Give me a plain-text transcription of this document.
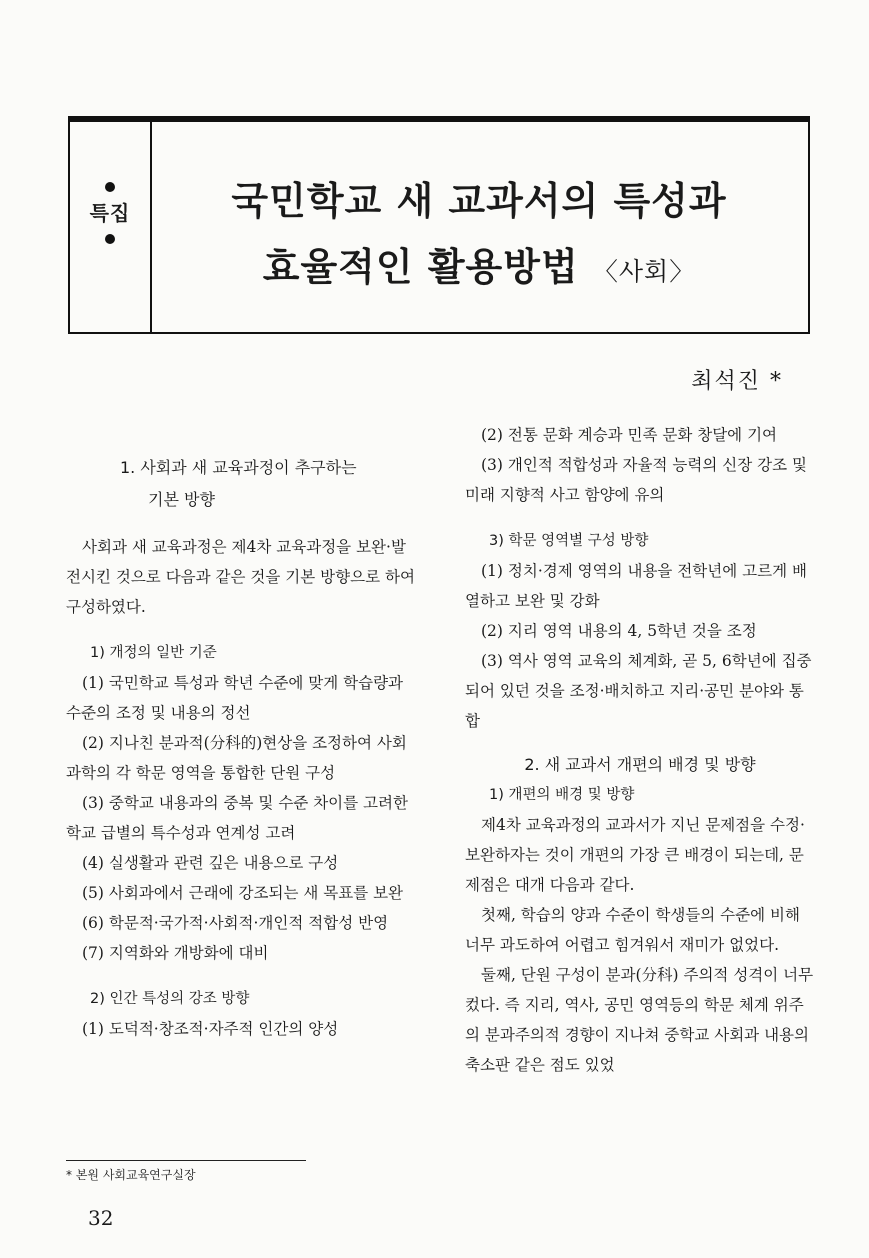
특집	국민학교 새 교과서의 특성과
효율적인 활용방법 〈사회〉
최석진 *

1. 사회과 새 교육과정이 추구하는
기본 방향

사회과 새 교육과정은 제4차 교육과정을 보완·발전시킨 것으로 다음과 같은 것을 기본 방향으로 하여 구성하였다.

1) 개정의 일반 기준

(1) 국민학교 특성과 학년 수준에 맞게 학습량과 수준의 조정 및 내용의 정선

(2) 지나친 분과적(分科的)현상을 조정하여 사회 과학의 각 학문 영역을 통합한 단원 구성

(3) 중학교 내용과의 중복 및 수준 차이를 고려한 학교 급별의 특수성과 연계성 고려

(4) 실생활과 관련 깊은 내용으로 구성

(5) 사회과에서 근래에 강조되는 새 목표를 보완

(6) 학문적·국가적·사회적·개인적 적합성 반영

(7) 지역화와 개방화에 대비

2) 인간 특성의 강조 방향

(1) 도덕적·창조적·자주적 인간의 양성

(2) 전통 문화 계승과 민족 문화 창달에 기여

(3) 개인적 적합성과 자율적 능력의 신장 강조 및 미래 지향적 사고 함양에 유의

3) 학문 영역별 구성 방향

(1) 정치·경제 영역의 내용을 전학년에 고르게 배열하고 보완 및 강화

(2) 지리 영역 내용의 4, 5학년 것을 조정

(3) 역사 영역 교육의 체계화, 곧 5, 6학년에 집중되어 있던 것을 조정·배치하고 지리·공민 분야와 통합

2. 새 교과서 개편의 배경 및 방향

1) 개편의 배경 및 방향

제4차 교육과정의 교과서가 지닌 문제점을 수정·보완하자는 것이 개편의 가장 큰 배경이 되는데, 문제점은 대개 다음과 같다.

첫째, 학습의 양과 수준이 학생들의 수준에 비해 너무 과도하여 어렵고 힘겨워서 재미가 없었다.

둘째, 단원 구성이 분과(分科) 주의적 성격이 너무 컸다. 즉 지리, 역사, 공민 영역등의 학문 체계 위주의 분과주의적 경향이 지나쳐 중학교 사회과 내용의 축소판 같은 점도 있었

* 본원 사회교육연구실장
32
